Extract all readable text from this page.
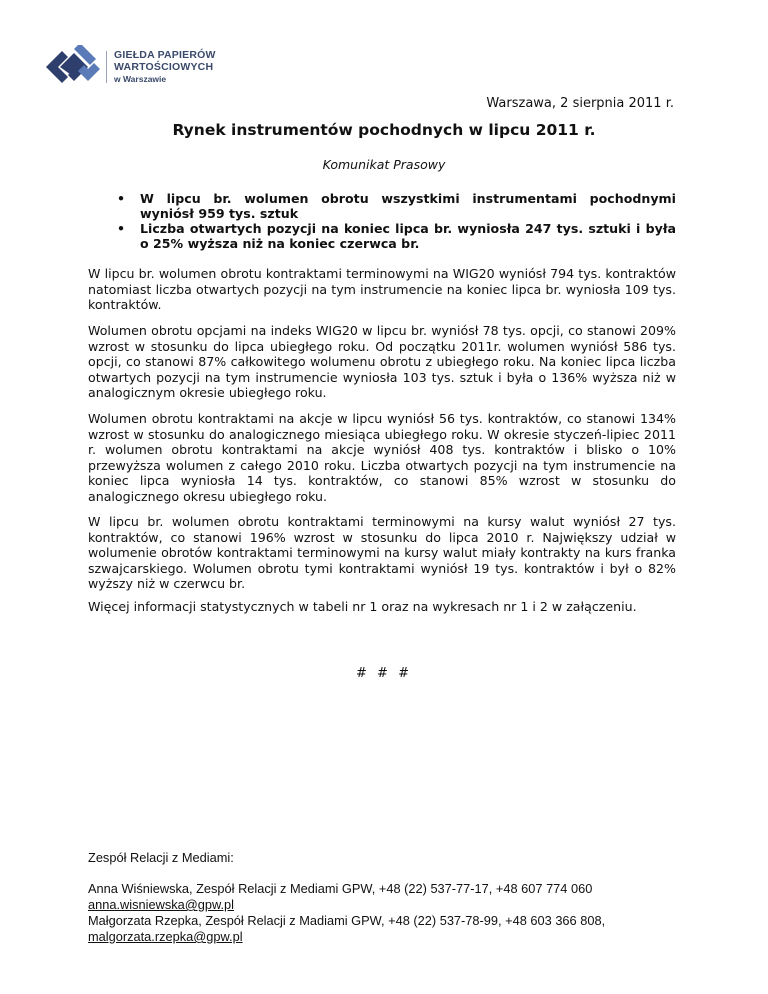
GIEŁDA PAPIERÓW
WARTOŚCIOWYCH
w Warszawie
Warszawa, 2 sierpnia 2011 r.
Rynek instrumentów pochodnych w lipcu 2011 r.
Komunikat Prasowy
• W lipcu br. wolumen obrotu wszystkimi instrumentami pochodnymi wyniósł 959 tys. sztuk
• Liczba otwartych pozycji na koniec lipca br. wyniosła 247 tys. sztuki i była o 25% wyższa niż na koniec czerwca br.

W lipcu br. wolumen obrotu kontraktami terminowymi na WIG20 wyniósł 794 tys. kontraktów natomiast liczba otwartych pozycji na tym instrumencie na koniec lipca br. wyniosła 109 tys. kontraktów.

Wolumen obrotu opcjami na indeks WIG20 w lipcu br. wyniósł 78 tys. opcji, co stanowi 209% wzrost w stosunku do lipca ubiegłego roku. Od początku 2011r. wolumen wyniósł 586 tys. opcji, co stanowi 87% całkowitego wolumenu obrotu z ubiegłego roku. Na koniec lipca liczba otwartych pozycji na tym instrumencie wyniosła 103 tys. sztuk i była o 136% wyższa niż w analogicznym okresie ubiegłego roku.

Wolumen obrotu kontraktami na akcje w lipcu wyniósł 56 tys. kontraktów, co stanowi 134% wzrost w stosunku do analogicznego miesiąca ubiegłego roku. W okresie styczeń-lipiec 2011 r. wolumen obrotu kontraktami na akcje wyniósł 408 tys. kontraktów i blisko o 10% przewyższa wolumen z całego 2010 roku. Liczba otwartych pozycji na tym instrumencie na koniec lipca wyniosła 14 tys. kontraktów, co stanowi 85% wzrost w stosunku do analogicznego okresu ubiegłego roku.

W lipcu br. wolumen obrotu kontraktami terminowymi na kursy walut wyniósł 27 tys. kontraktów, co stanowi 196% wzrost w stosunku do lipca 2010 r. Największy udział w wolumenie obrotów kontraktami terminowymi na kursy walut miały kontrakty na kurs franka szwajcarskiego. Wolumen obrotu tymi kontraktami wyniósł 19 tys. kontraktów i był o 82% wyższy niż w czerwcu br.

Więcej informacji statystycznych w tabeli nr 1 oraz na wykresach nr 1 i 2 w załączeniu.

# # #
Zespół Relacji z Mediami:
Anna Wiśniewska, Zespół Relacji z Mediami GPW, +48 (22) 537-77-17, +48 607 774 060
anna.wisniewska@gpw.pl
Małgorzata Rzepka, Zespół Relacji z Madiami GPW, +48 (22) 537-78-99, +48 603 366 808,
malgorzata.rzepka@gpw.pl
